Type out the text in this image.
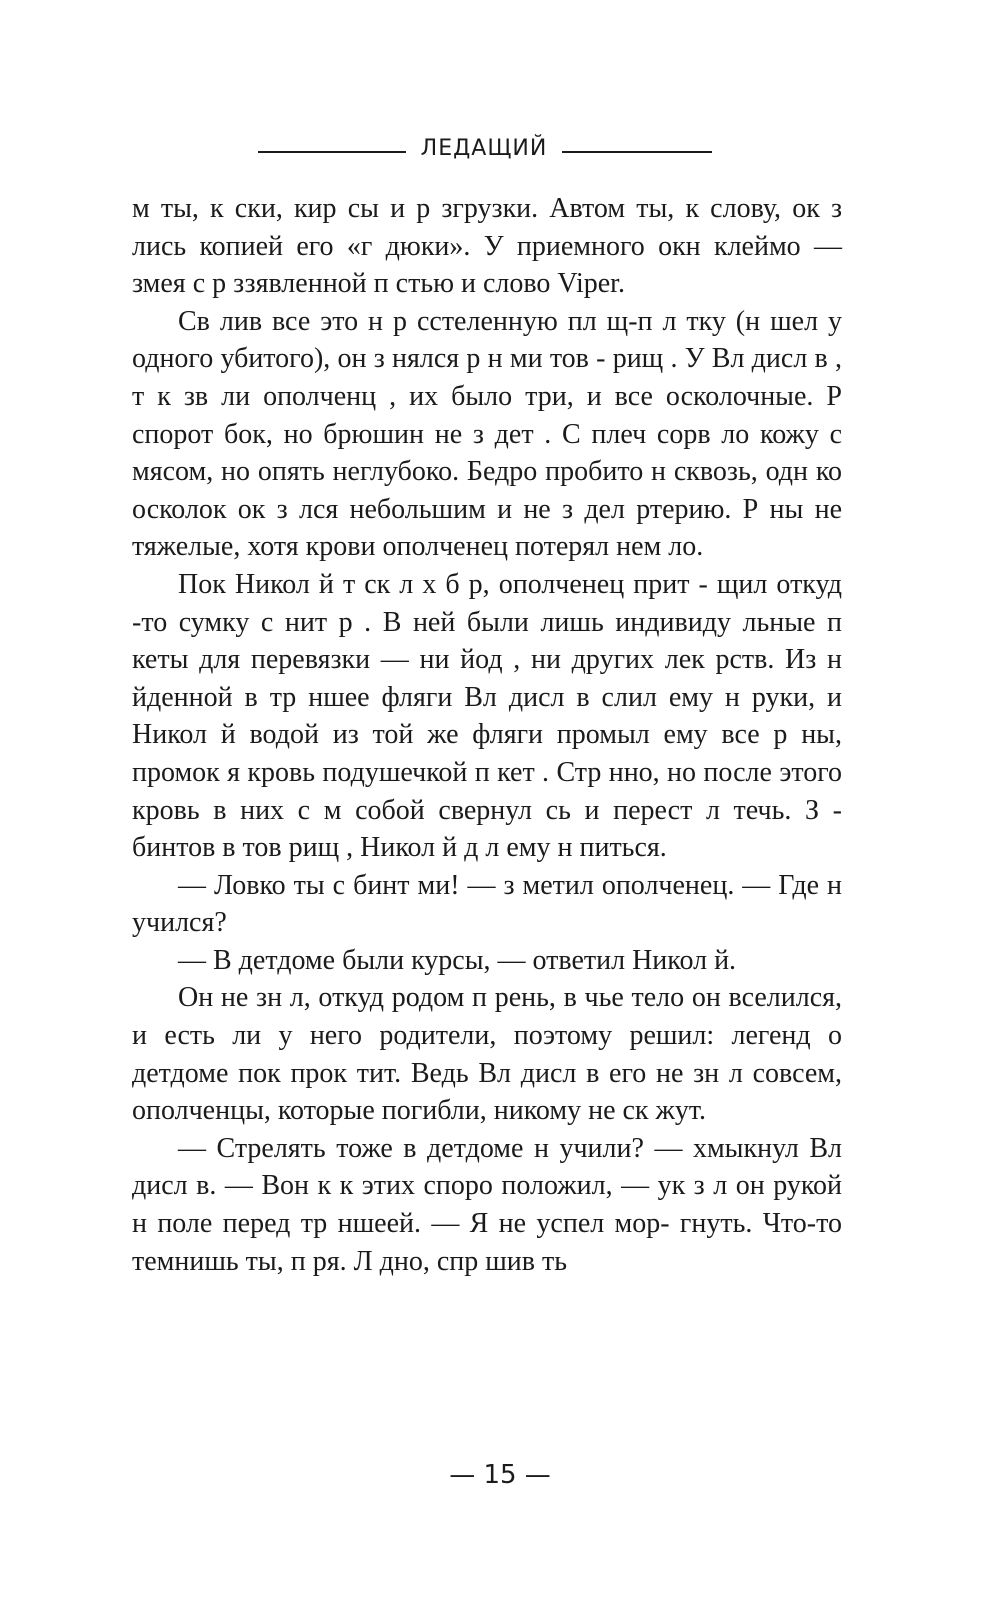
ЛЕДАЩИЙ

м ты, к ски, кир сы и р згрузки. Автом ты, к слову, ок з лись копией его «г дюки». У приемного окн клеймо — змея с р ззявленной п стью и слово Viper.

Св лив все это н р сстеленную пл щ-п л тку (н шел у одного убитого), он з нялся р н ми тов - рищ . У Вл дисл в , т к зв ли ополченц , их было три, и все осколочные. Р спорот бок, но брюшин не з дет . С плеч сорв ло кожу с мясом, но опять неглубоко. Бедро пробито н сквозь, одн ко осколок ок з лся небольшим и не з дел ртерию. Р ны не тяжелые, хотя крови ополченец потерял нем ло.

Пок Никол й т ск л х б р, ополченец прит - щил откуд -то сумку с нит р . В ней были лишь индивиду льные п кеты для перевязки — ни йод , ни других лек рств. Из н йденной в тр ншее фляги Вл дисл в слил ему н руки, и Никол й водой из той же фляги промыл ему все р ны, промок я кровь подушечкой п кет . Стр нно, но после этого кровь в них с м собой свернул сь и перест л течь. З - бинтов в тов рищ , Никол й д л ему н питься.

— Ловко ты с бинт ми! — з метил ополченец. — Где н учился?

— В детдоме были курсы, — ответил Никол й.

Он не зн л, откуд родом п рень, в чье тело он вселился, и есть ли у него родители, поэтому решил: легенд о детдоме пок прок тит. Ведь Вл дисл в его не зн л совсем, ополченцы, которые погибли, никому не ск жут.

— Стрелять тоже в детдоме н учили? — хмыкнул Вл дисл в. — Вон к к этих споро положил, — ук з л он рукой н поле перед тр ншеей. — Я не успел мор- гнуть. Что-то темнишь ты, п ря. Л дно, спр шив ть

— 15 —
